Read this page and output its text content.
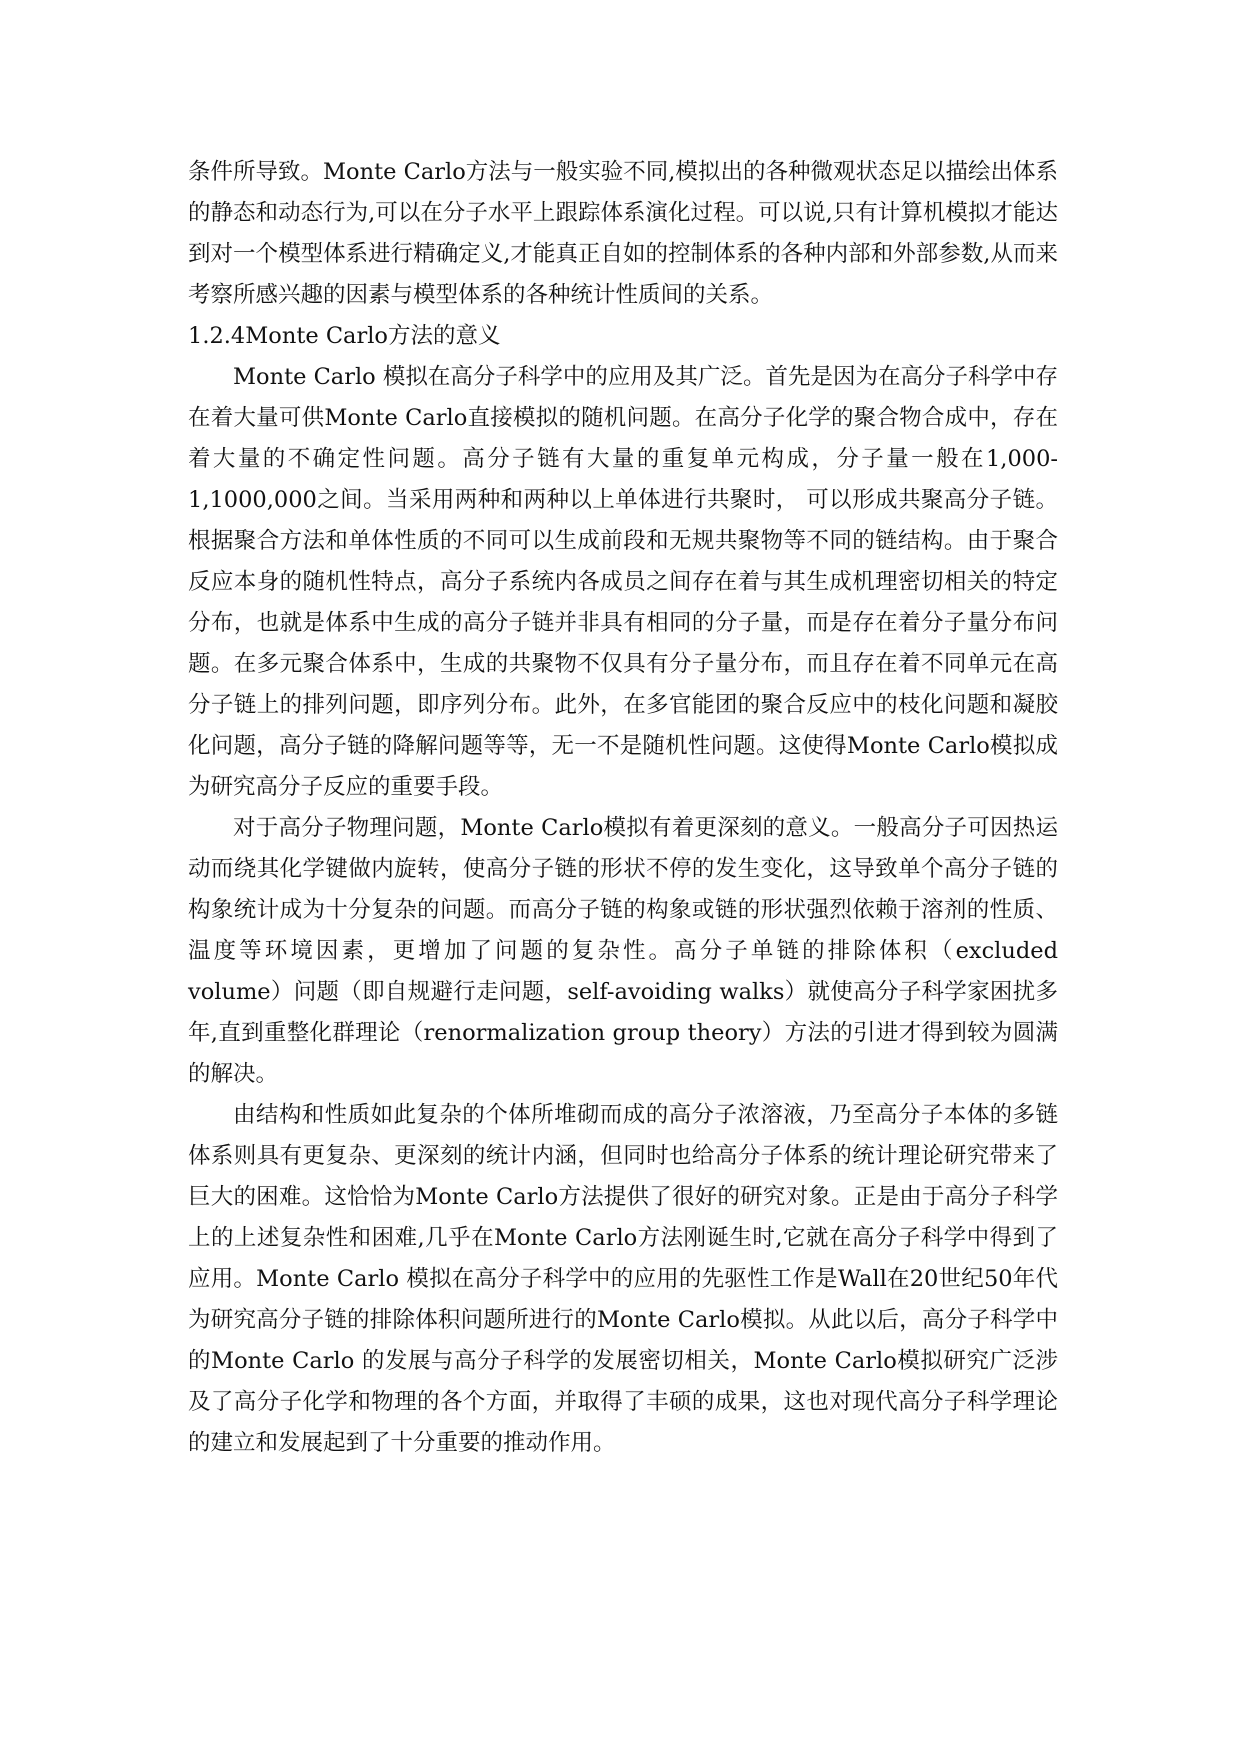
条件所导致。Monte Carlo方法与一般实验不同,模拟出的各种微观状态足以描绘出体系的静态和动态行为,可以在分子水平上跟踪体系演化过程。可以说,只有计算机模拟才能达到对一个模型体系进行精确定义,才能真正自如的控制体系的各种内部和外部参数,从而来考察所感兴趣的因素与模型体系的各种统计性质间的关系。

1.2.4Monte Carlo方法的意义

Monte Carlo 模拟在高分子科学中的应用及其广泛。首先是因为在高分子科学中存在着大量可供Monte Carlo直接模拟的随机问题。在高分子化学的聚合物合成中，存在着大量的不确定性问题。高分子链有大量的重复单元构成，分子量一般在1,000-1,1000,000之间。当采用两种和两种以上单体进行共聚时， 可以形成共聚高分子链。根据聚合方法和单体性质的不同可以生成前段和无规共聚物等不同的链结构。由于聚合反应本身的随机性特点，高分子系统内各成员之间存在着与其生成机理密切相关的特定分布，也就是体系中生成的高分子链并非具有相同的分子量，而是存在着分子量分布问题。在多元聚合体系中，生成的共聚物不仅具有分子量分布，而且存在着不同单元在高分子链上的排列问题，即序列分布。此外，在多官能团的聚合反应中的枝化问题和凝胶化问题，高分子链的降解问题等等，无一不是随机性问题。这使得Monte Carlo模拟成为研究高分子反应的重要手段。

对于高分子物理问题，Monte Carlo模拟有着更深刻的意义。一般高分子可因热运动而绕其化学键做内旋转，使高分子链的形状不停的发生变化，这导致单个高分子链的构象统计成为十分复杂的问题。而高分子链的构象或链的形状强烈依赖于溶剂的性质、温度等环境因素，更增加了问题的复杂性。高分子单链的排除体积（excluded volume）问题（即自规避行走问题，self-avoiding walks）就使高分子科学家困扰多年,直到重整化群理论（renormalization group theory）方法的引进才得到较为圆满的解决。

由结构和性质如此复杂的个体所堆砌而成的高分子浓溶液，乃至高分子本体的多链体系则具有更复杂、更深刻的统计内涵，但同时也给高分子体系的统计理论研究带来了巨大的困难。这恰恰为Monte Carlo方法提供了很好的研究对象。正是由于高分子科学上的上述复杂性和困难,几乎在Monte Carlo方法刚诞生时,它就在高分子科学中得到了应用。Monte Carlo 模拟在高分子科学中的应用的先驱性工作是Wall在20世纪50年代为研究高分子链的排除体积问题所进行的Monte Carlo模拟。从此以后，高分子科学中的Monte Carlo 的发展与高分子科学的发展密切相关，Monte Carlo模拟研究广泛涉及了高分子化学和物理的各个方面，并取得了丰硕的成果，这也对现代高分子科学理论的建立和发展起到了十分重要的推动作用。
